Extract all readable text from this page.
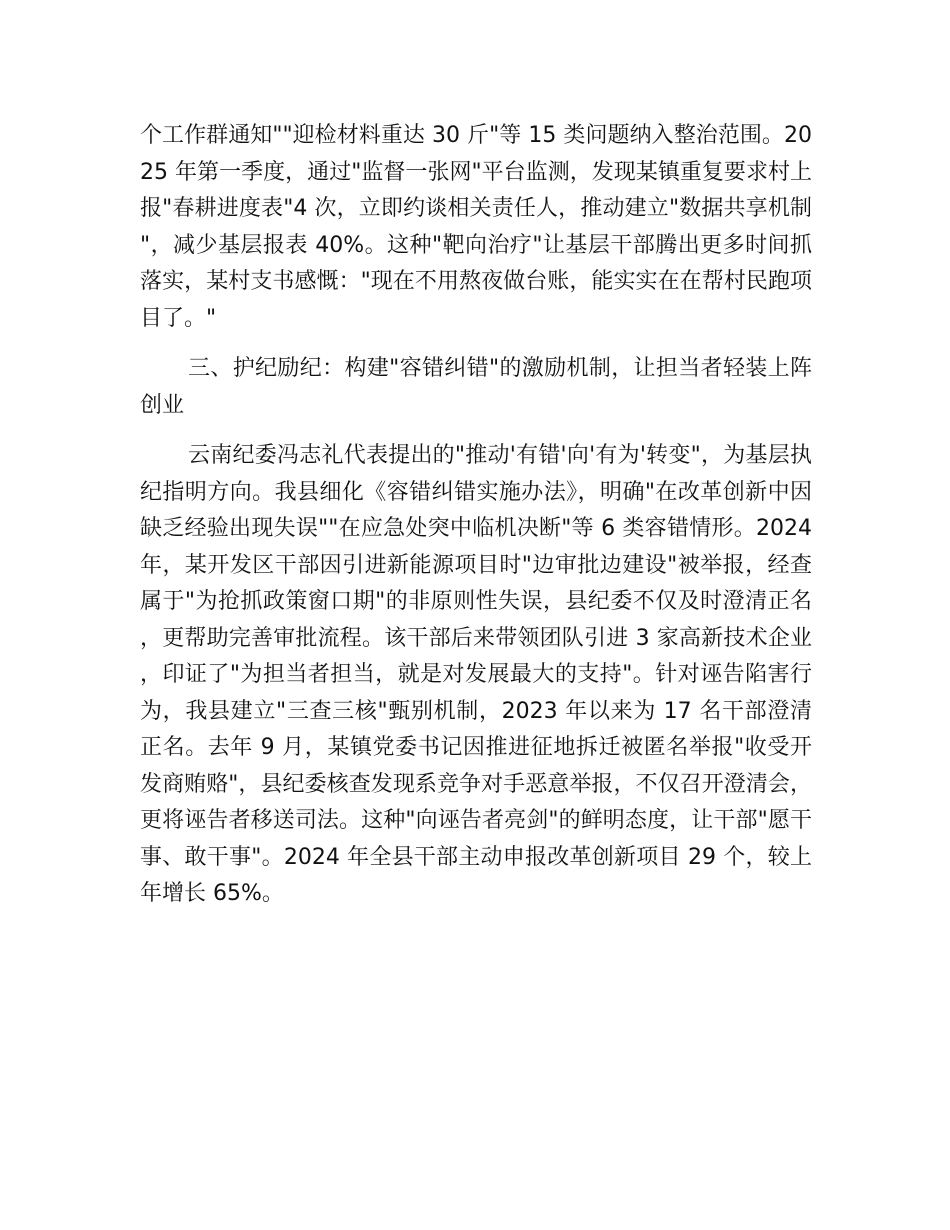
个工作群通知""迎检材料重达 30 斤"等 15 类问题纳入整治范围。2025 年第一季度，通过"监督一张网"平台监测，发现某镇重复要求村上报"春耕进度表"4 次，立即约谈相关责任人，推动建立"数据共享机制"，减少基层报表 40%。这种"靶向治疗"让基层干部腾出更多时间抓落实，某村支书感慨："现在不用熬夜做台账，能实实在在帮村民跑项目了。"

三、护纪励纪：构建"容错纠错"的激励机制，让担当者轻装上阵创业

云南纪委冯志礼代表提出的"推动'有错'向'有为'转变"，为基层执纪指明方向。我县细化《容错纠错实施办法》，明确"在改革创新中因缺乏经验出现失误""在应急处突中临机决断"等 6 类容错情形。2024 年，某开发区干部因引进新能源项目时"边审批边建设"被举报，经查属于"为抢抓政策窗口期"的非原则性失误，县纪委不仅及时澄清正名，更帮助完善审批流程。该干部后来带领团队引进 3 家高新技术企业，印证了"为担当者担当，就是对发展最大的支持"。针对诬告陷害行为，我县建立"三查三核"甄别机制，2023 年以来为 17 名干部澄清正名。去年 9 月，某镇党委书记因推进征地拆迁被匿名举报"收受开发商贿赂"，县纪委核查发现系竞争对手恶意举报，不仅召开澄清会，更将诬告者移送司法。这种"向诬告者亮剑"的鲜明态度，让干部"愿干事、敢干事"。2024 年全县干部主动申报改革创新项目 29 个，较上年增长 65%。
